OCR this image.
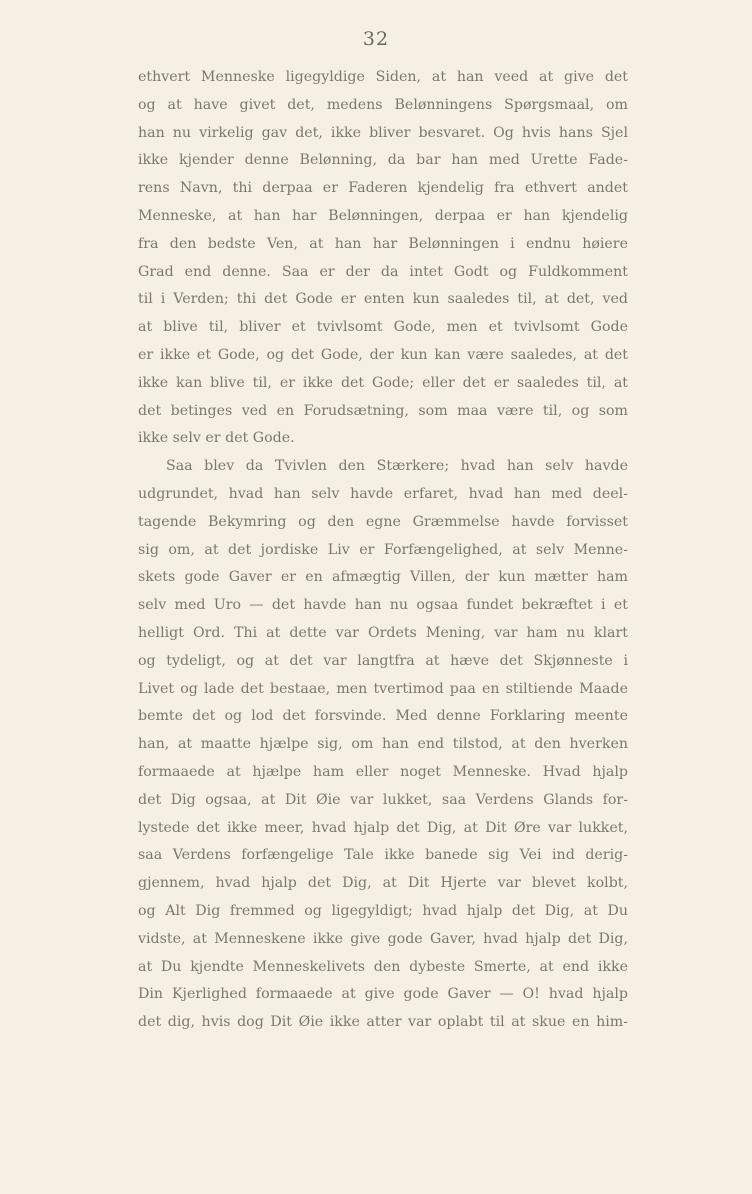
32
ethvert Menneske ligegyldige Siden, at han veed at give det
og at have givet det, medens Belønningens Spørgsmaal, om
han nu virkelig gav det, ikke bliver besvaret. Og hvis hans Sjel
ikke kjender denne Belønning, da bar han med Urette Fade-
rens Navn, thi derpaa er Faderen kjendelig fra ethvert andet
Menneske, at han har Belønningen, derpaa er han kjendelig
fra den bedste Ven, at han har Belønningen i endnu høiere
Grad end denne. Saa er der da intet Godt og Fuldkomment
til i Verden; thi det Gode er enten kun saaledes til, at det, ved
at blive til, bliver et tvivlsomt Gode, men et tvivlsomt Gode
er ikke et Gode, og det Gode, der kun kan være saaledes, at det
ikke kan blive til, er ikke det Gode; eller det er saaledes til, at
det betinges ved en Forudsætning, som maa være til, og som
ikke selv er det Gode.
Saa blev da Tvivlen den Stærkere; hvad han selv havde
udgrundet, hvad han selv havde erfaret, hvad han med deel-
tagende Bekymring og den egne Græmmelse havde forvisset
sig om, at det jordiske Liv er Forfængelighed, at selv Menne-
skets gode Gaver er en afmægtig Villen, der kun mætter ham
selv med Uro — det havde han nu ogsaa fundet bekræftet i et
helligt Ord. Thi at dette var Ordets Mening, var ham nu klart
og tydeligt, og at det var langtfra at hæve det Skjønneste i
Livet og lade det bestaae, men tvertimod paa en stiltiende Maade
bemte det og lod det forsvinde. Med denne Forklaring meente
han, at maatte hjælpe sig, om han end tilstod, at den hverken
formaaede at hjælpe ham eller noget Menneske. Hvad hjalp
det Dig ogsaa, at Dit Øie var lukket, saa Verdens Glands for-
lystede det ikke meer, hvad hjalp det Dig, at Dit Øre var lukket,
saa Verdens forfængelige Tale ikke banede sig Vei ind derig-
gjennem, hvad hjalp det Dig, at Dit Hjerte var blevet kolbt,
og Alt Dig fremmed og ligegyldigt; hvad hjalp det Dig, at Du
vidste, at Menneskene ikke give gode Gaver, hvad hjalp det Dig,
at Du kjendte Menneskelivets den dybeste Smerte, at end ikke
Din Kjerlighed formaaede at give gode Gaver — O! hvad hjalp
det dig, hvis dog Dit Øie ikke atter var oplabt til at skue en him-
